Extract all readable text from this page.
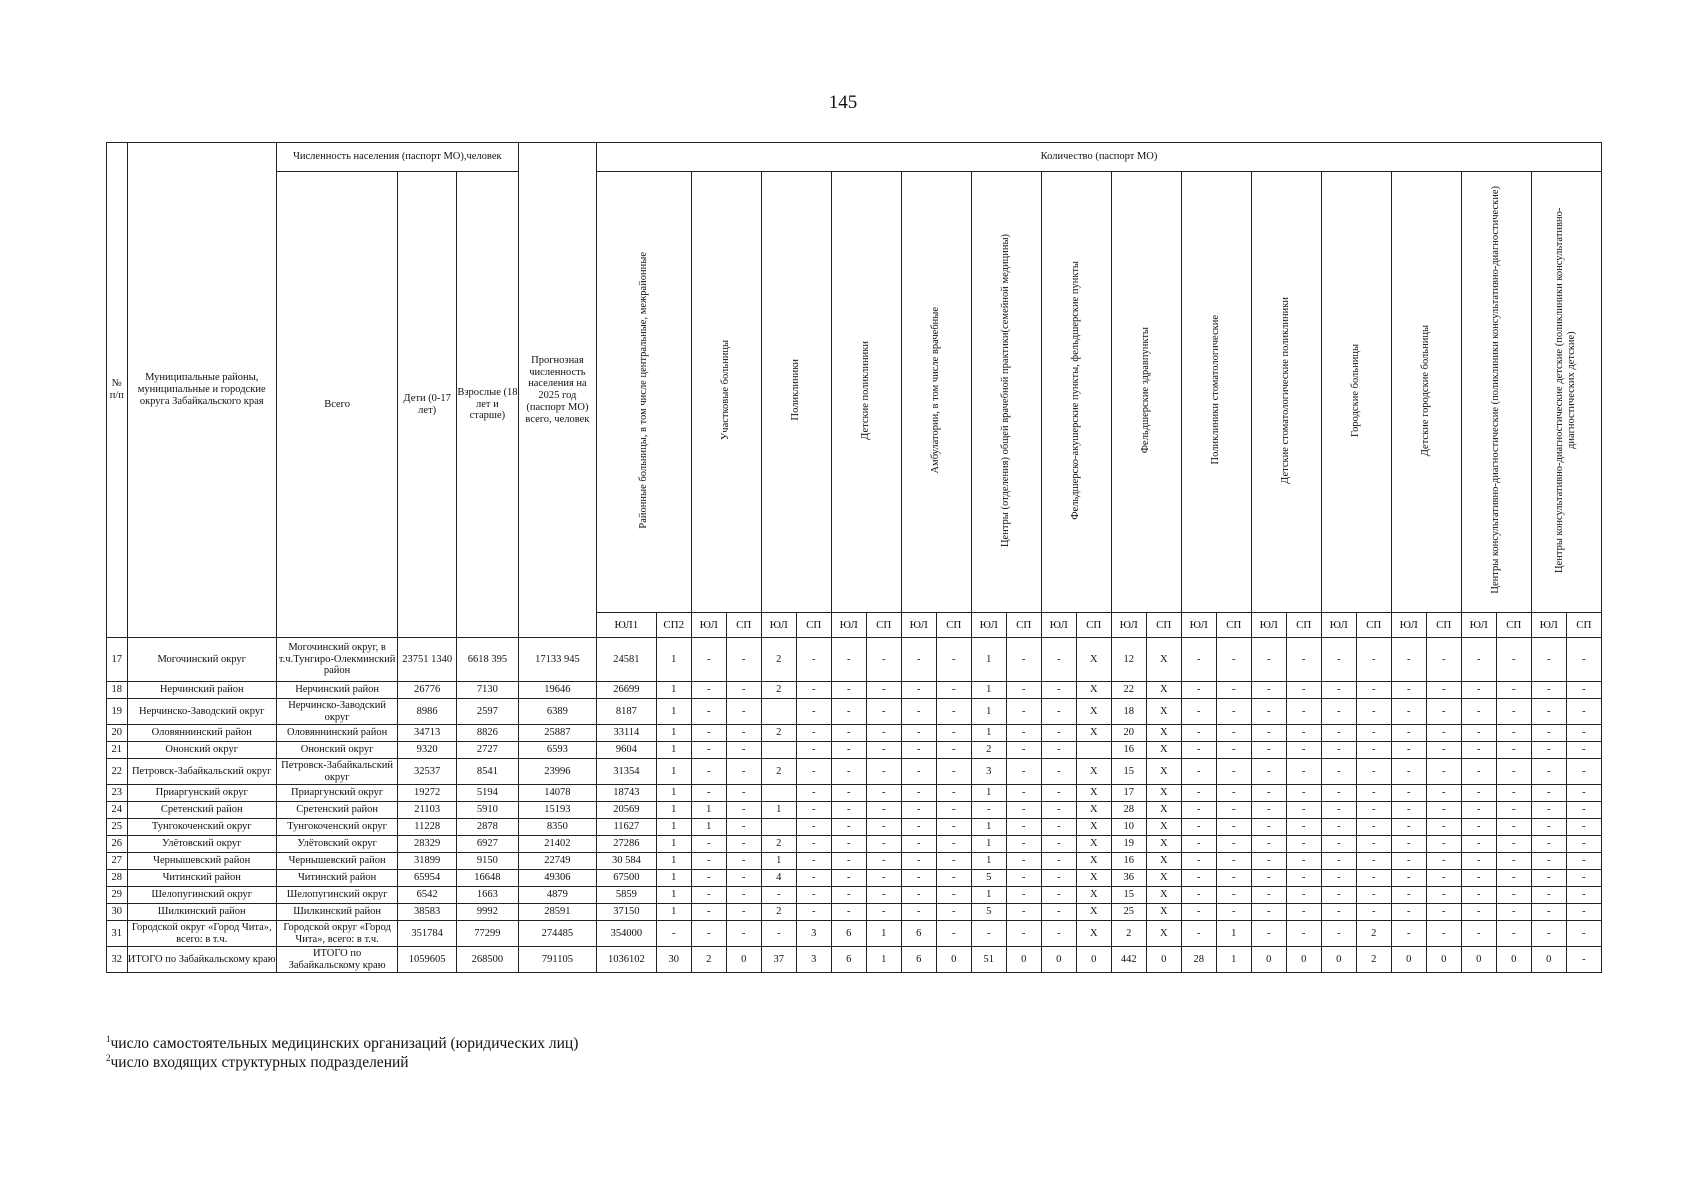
145
№ п/п	Муниципальные районы, муниципальные и городские округа Забайкальского края	Численность населения (паспорт МО),человек			Прогнозная численность населения на 2025 год (паспорт МО) всего, человек	Количество (паспорт МО)																											
		Всего	Дети (0-17 лет)	Взрослые (18 лет и старше)		Районные больницы, в том числе центральные, межрайонные		Участковые больницы		Поликлиники		Детские поликлиники		Амбулатории, в том числе врачебные		Центры (отделения) общей врачебной практики(семейной медицины)		Фельдшерско-акушерские пункты, фельдшерские пункты		Фельдшерские здравпункты		Поликлиники стоматологические		Детские стоматологические поликлиники		Городские больницы		Детские городские больницы		Центры консультативно-диагностические (поликлиники консультативно-диагностические)		Центры консультативно-диагностические детские (поликлиники консультативно-диагностических детские)	
						ЮЛ1	СП2	ЮЛ	СП	ЮЛ	СП	ЮЛ	СП	ЮЛ	СП	ЮЛ	СП	ЮЛ	СП	ЮЛ	СП	ЮЛ	СП	ЮЛ	СП	ЮЛ	СП	ЮЛ	СП	ЮЛ	СП	ЮЛ	СП
17	Могочинский округ	Могочинский округ, в т.ч.Тунгиро-Олекминский район	23751 1340	6618 395	17133 945	24581	1	-	-	2	-	-	-	-	-	1	-	-	X	12	X	-	-	-	-	-	-	-	-	-	-	-	-
18	Нерчинский район	Нерчинский район	26776	7130	19646	26699	1	-	-	2	-	-	-	-	-	1	-	-	X	22	X	-	-	-	-	-	-	-	-	-	-	-	-
19	Нерчинско-Заводский округ	Нерчинско-Заводский округ	8986	2597	6389	8187	1	-	-		-	-	-	-	-	1	-	-	X	18	X	-	-	-	-	-	-	-	-	-	-	-	-
20	Оловяннинский район	Оловяннинский район	34713	8826	25887	33114	1	-	-	2	-	-	-	-	-	1	-	-	X	20	X	-	-	-	-	-	-	-	-	-	-	-	-
21	Ононский округ	Ононский округ	9320	2727	6593	9604	1	-	-		-	-	-	-	-	2	-	-		16	X	-	-	-	-	-	-	-	-	-	-	-	-
22	Петровск-Забайкальский округ	Петровск-Забайкальский округ	32537	8541	23996	31354	1	-	-	2	-	-	-	-	-	3	-	-	X	15	X	-	-	-	-	-	-	-	-	-	-	-	-
23	Приаргунский округ	Приаргунский округ	19272	5194	14078	18743	1	-	-		-	-	-	-	-	1	-	-	X	17	X	-	-	-	-	-	-	-	-	-	-	-	-
24	Сретенский район	Сретенский район	21103	5910	15193	20569	1	1	-	1	-	-	-	-	-	-	-	-	X	28	X	-	-	-	-	-	-	-	-	-	-	-	-
25	Тунгокоченский округ	Тунгокоченский округ	11228	2878	8350	11627	1	1	-		-	-	-	-	-	1	-	-	X	10	X	-	-	-	-	-	-	-	-	-	-	-	-
26	Улётовский округ	Улётовский округ	28329	6927	21402	27286	1	-	-	2	-	-	-	-	-	1	-	-	X	19	X	-	-	-	-	-	-	-	-	-	-	-	-
27	Чернышевский район	Чернышевский район	31899	9150	22749	30 584	1	-	-	1	-	-	-	-	-	1	-	-	X	16	X	-	-	-	-	-	-	-	-	-	-	-	-
28	Читинский район	Читинский район	65954	16648	49306	67500	1	-	-	4	-	-	-	-	-	5	-	-	X	36	X	-	-	-	-	-	-	-	-	-	-	-	-
29	Шелопугинский округ	Шелопугинский округ	6542	1663	4879	5859	1	-	-	-	-	-	-	-	-	1	-	-	X	15	X	-	-	-	-	-	-	-	-	-	-	-	-
30	Шилкинский район	Шилкинский район	38583	9992	28591	37150	1	-	-	2	-	-	-	-	-	5	-	-	X	25	X	-	-	-	-	-	-	-	-	-	-	-	-
31	Городской округ «Город Чита», всего: в т.ч.	Городской округ «Город Чита», всего: в т.ч.	351784	77299	274485	354000	-	-	-	-	3	6	1	6	-	-	-	-	X	2	X	-	1	-	-	-	2	-	-	-	-	-	-
32	ИТОГО по Забайкальскому краю	ИТОГО по Забайкальскому краю	1059605	268500	791105	1036102	30	2	0	37	3	6	1	6	0	51	0	0	0	442	0	28	1	0	0	0	2	0	0	0	0	0	-
$^1$число самостоятельных медицинских организаций (юридических лиц)
$^2$число входящих структурных подразделений
